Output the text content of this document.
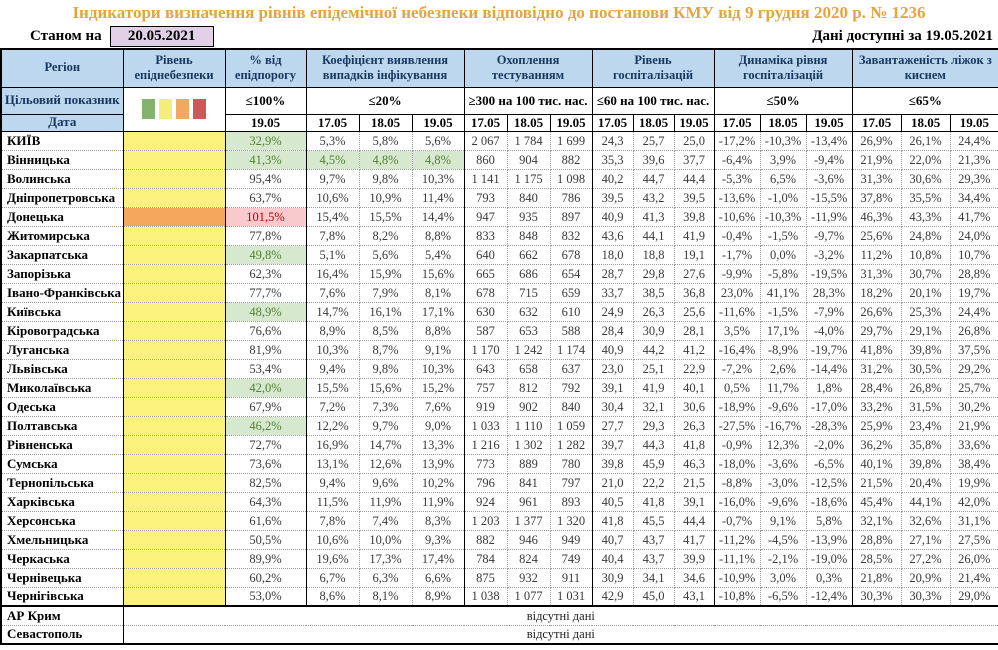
Індикатори визначення рівнів епідемічної небезпеки відповідно до постанови КМУ від 9 грудня 2020 р. № 1236
Станом на	20.05.2021	Дані доступні за 19.05.2021
Регіон	Рівень епіднебезпеки	% від епідпорогу	Коефіцієнт виявлення випадків інфікування			Охоплення тестуванням			Рівень госпіталізацій			Динаміка рівня госпіталізацій			Завантаженість ліжок з киснем		
Цільовий показник		≤100%	≤20%			≥300 на 100 тис. нас.			≤60 на 100 тис. нас.			≤50%			≤65%		
Дата		19.05	17.05	18.05	19.05	17.05	18.05	19.05	17.05	18.05	19.05	17.05	18.05	19.05	17.05	18.05	19.05
КИЇВ		32,9%	5,3%	5,8%	5,6%	2 067	1 784	1 699	24,3	25,7	25,0	-17,2%	-10,3%	-13,4%	26,9%	26,1%	24,4%
Вінницька		41,3%	4,5%	4,8%	4,8%	860	904	882	35,3	39,6	37,7	-6,4%	3,9%	-9,4%	21,9%	22,0%	21,3%
Волинська		95,4%	9,7%	9,8%	10,3%	1 141	1 175	1 098	40,2	44,7	44,4	-5,3%	6,5%	-3,6%	31,3%	30,6%	29,3%
Дніпропетровська		63,7%	10,6%	10,9%	11,4%	793	840	786	39,5	43,2	39,5	-13,6%	-1,0%	-15,5%	37,8%	35,5%	34,4%
Донецька		101,5%	15,4%	15,5%	14,4%	947	935	897	40,9	41,3	39,8	-10,6%	-10,3%	-11,9%	46,3%	43,3%	41,7%
Житомирська		77,8%	7,8%	8,2%	8,8%	833	848	832	43,6	44,1	41,9	-0,4%	-1,5%	-9,7%	25,6%	24,8%	24,0%
Закарпатська		49,8%	5,1%	5,6%	5,4%	640	662	678	18,0	18,8	19,1	-1,7%	0,0%	-3,2%	11,2%	10,8%	10,7%
Запорізька		62,3%	16,4%	15,9%	15,6%	665	686	654	28,7	29,8	27,6	-9,9%	-5,8%	-19,5%	31,3%	30,7%	28,8%
Івано-Франківська		77,7%	7,6%	7,9%	8,1%	678	715	659	33,7	38,5	36,8	23,0%	41,1%	28,3%	18,2%	20,1%	19,7%
Київська		48,9%	14,7%	16,1%	17,1%	630	632	610	24,9	26,3	25,6	-11,6%	-1,5%	-7,9%	26,6%	25,3%	24,4%
Кіровоградська		76,6%	8,9%	8,5%	8,8%	587	653	588	28,4	30,9	28,1	3,5%	17,1%	-4,0%	29,7%	29,1%	26,8%
Луганська		81,9%	10,3%	8,7%	9,1%	1 170	1 242	1 174	40,9	44,2	41,2	-16,4%	-8,9%	-19,7%	41,8%	39,8%	37,5%
Львівська		53,4%	9,4%	9,8%	10,3%	643	658	637	23,0	25,1	22,9	-7,2%	2,6%	-14,4%	31,2%	30,5%	29,2%
Миколаївська		42,0%	15,5%	15,6%	15,2%	757	812	792	39,1	41,9	40,1	0,5%	11,7%	1,8%	28,4%	26,8%	25,7%
Одеська		67,9%	7,2%	7,3%	7,6%	919	902	840	30,4	32,1	30,6	-18,9%	-9,6%	-17,0%	33,2%	31,5%	30,2%
Полтавська		46,2%	12,2%	9,7%	9,0%	1 033	1 110	1 059	27,7	29,3	26,3	-27,5%	-16,7%	-28,3%	25,9%	23,4%	21,9%
Рівненська		72,7%	16,9%	14,7%	13,3%	1 216	1 302	1 282	39,7	44,3	41,8	-0,9%	12,3%	-2,0%	36,2%	35,8%	33,6%
Сумська		73,6%	13,1%	12,6%	13,9%	773	889	780	39,8	45,9	46,3	-18,0%	-3,6%	-6,5%	40,1%	39,8%	38,4%
Тернопільська		82,5%	9,4%	9,6%	10,2%	796	841	797	21,0	22,2	21,5	-8,8%	-3,0%	-12,5%	21,5%	20,4%	19,9%
Харківська		64,3%	11,5%	11,9%	11,9%	924	961	893	40,5	41,8	39,1	-16,0%	-9,6%	-18,6%	45,4%	44,1%	42,0%
Херсонська		61,6%	7,8%	7,4%	8,3%	1 203	1 377	1 320	41,8	45,5	44,4	-0,7%	9,1%	5,8%	32,1%	32,6%	31,1%
Хмельницька		50,5%	10,6%	10,0%	9,3%	882	946	949	40,7	43,7	41,7	-11,2%	-4,5%	-13,9%	28,8%	27,1%	27,5%
Черкаська		89,9%	19,6%	17,3%	17,4%	784	824	749	40,4	43,7	39,9	-11,1%	-2,1%	-19,0%	28,5%	27,2%	26,0%
Чернівецька		60,2%	6,7%	6,3%	6,6%	875	932	911	30,9	34,1	34,6	-10,9%	3,0%	0,3%	21,8%	20,9%	21,4%
Чернігівська		53,0%	8,6%	8,1%	8,9%	1 038	1 077	1 031	42,9	45,0	43,1	-10,8%	-6,5%	-12,4%	30,3%	30,3%	29,0%
АР Крим	відсутні дані																
Севастополь	відсутні дані																
